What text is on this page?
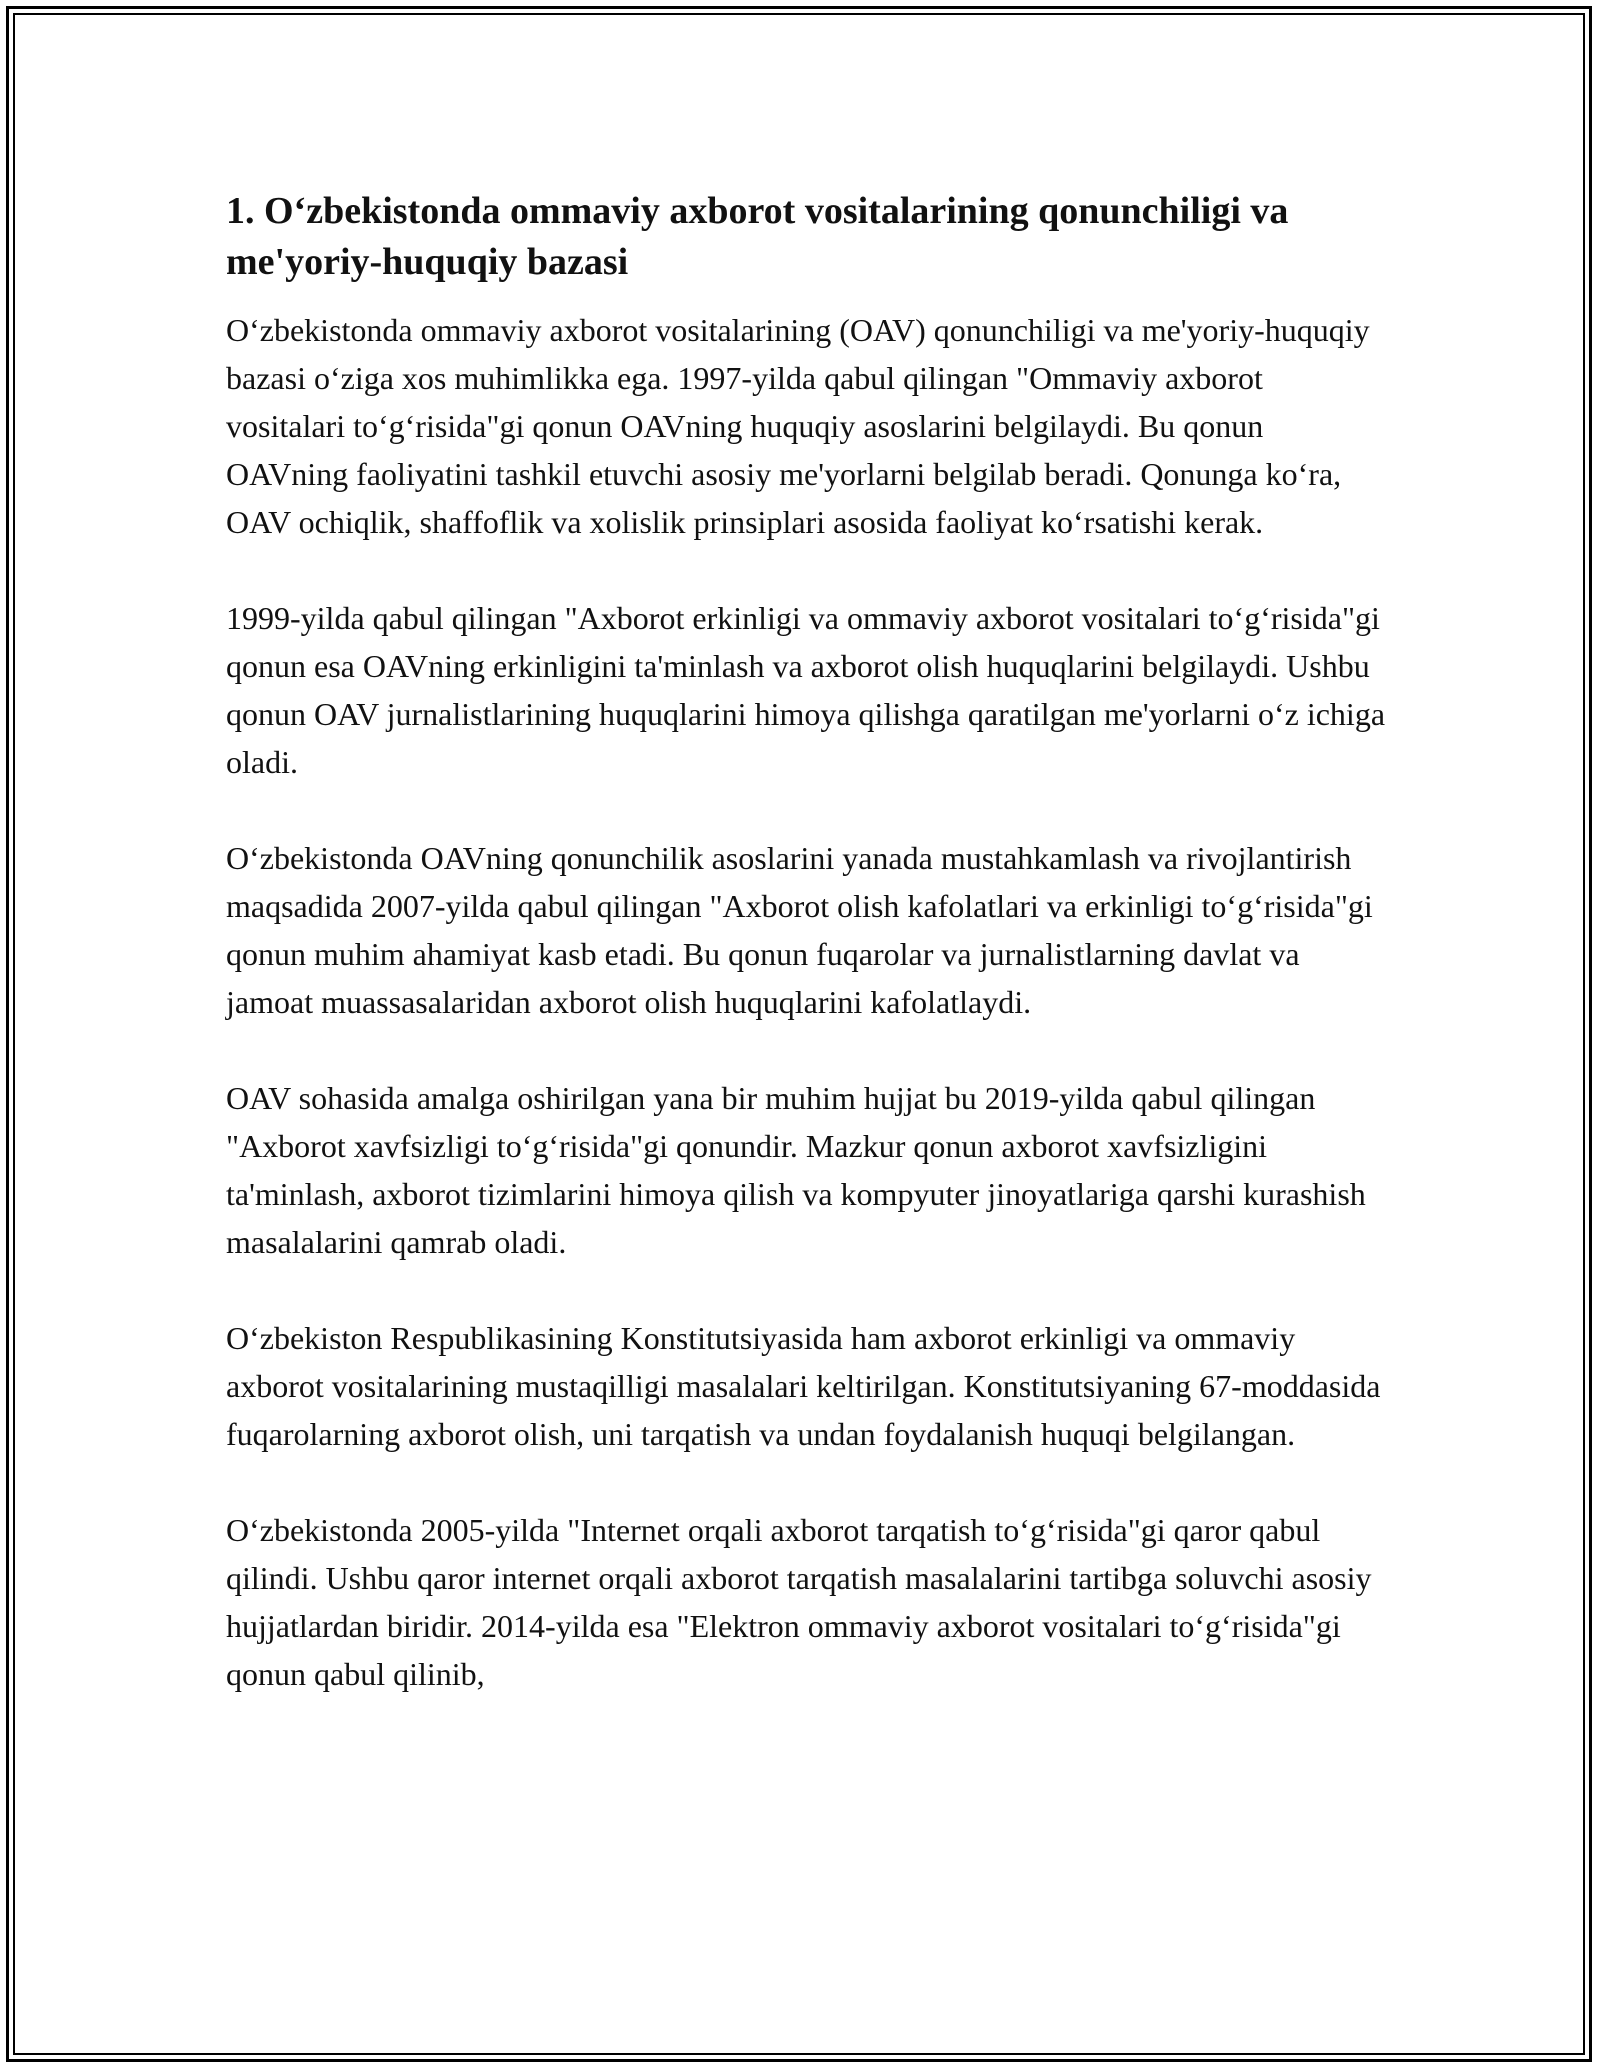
1. O‘zbekistonda ommaviy axborot vositalarining qonunchiligi va me'yoriy-huquqiy bazasi

O‘zbekistonda ommaviy axborot vositalarining (OAV) qonunchiligi va me'yoriy-huquqiy bazasi o‘ziga xos muhimlikka ega. 1997-yilda qabul qilingan "Ommaviy axborot vositalari to‘g‘risida"gi qonun OAVning huquqiy asoslarini belgilaydi. Bu qonun OAVning faoliyatini tashkil etuvchi asosiy me'yorlarni belgilab beradi. Qonunga ko‘ra, OAV ochiqlik, shaffoflik va xolislik prinsiplari asosida faoliyat ko‘rsatishi kerak.

1999-yilda qabul qilingan "Axborot erkinligi va ommaviy axborot vositalari to‘g‘risida"gi qonun esa OAVning erkinligini ta'minlash va axborot olish huquqlarini belgilaydi. Ushbu qonun OAV jurnalistlarining huquqlarini himoya qilishga qaratilgan me'yorlarni o‘z ichiga oladi.

O‘zbekistonda OAVning qonunchilik asoslarini yanada mustahkamlash va rivojlantirish maqsadida 2007-yilda qabul qilingan "Axborot olish kafolatlari va erkinligi to‘g‘risida"gi qonun muhim ahamiyat kasb etadi. Bu qonun fuqarolar va jurnalistlarning davlat va jamoat muassasalaridan axborot olish huquqlarini kafolatlaydi.

OAV sohasida amalga oshirilgan yana bir muhim hujjat bu 2019-yilda qabul qilingan "Axborot xavfsizligi to‘g‘risida"gi qonundir. Mazkur qonun axborot xavfsizligini ta'minlash, axborot tizimlarini himoya qilish va kompyuter jinoyatlariga qarshi kurashish masalalarini qamrab oladi.

O‘zbekiston Respublikasining Konstitutsiyasida ham axborot erkinligi va ommaviy axborot vositalarining mustaqilligi masalalari keltirilgan. Konstitutsiyaning 67-moddasida fuqarolarning axborot olish, uni tarqatish va undan foydalanish huquqi belgilangan.

O‘zbekistonda 2005-yilda "Internet orqali axborot tarqatish to‘g‘risida"gi qaror qabul qilindi. Ushbu qaror internet orqali axborot tarqatish masalalarini tartibga soluvchi asosiy hujjatlardan biridir. 2014-yilda esa "Elektron ommaviy axborot vositalari to‘g‘risida"gi qonun qabul qilinib,
